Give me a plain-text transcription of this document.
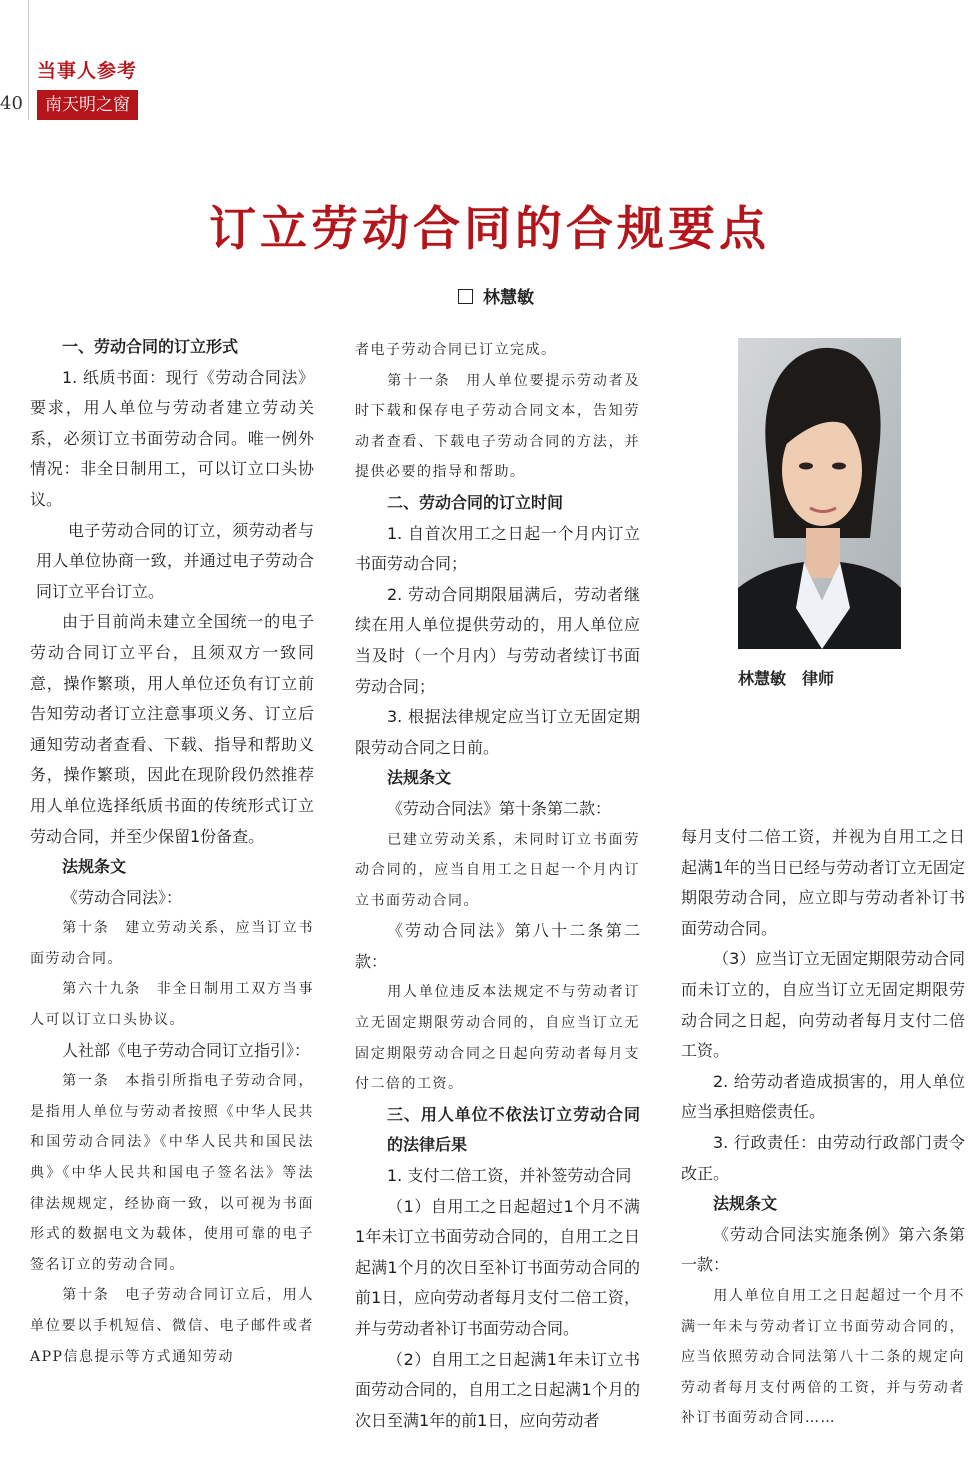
当事人参考
40	南天明之窗
订立劳动合同的合规要点
林慧敏

一、劳动合同的订立形式

1. 纸质书面：现行《劳动合同法》要求，用人单位与劳动者建立劳动关系，必须订立书面劳动合同。唯一例外情况：非全日制用工，可以订立口头协议。

电子劳动合同的订立，须劳动者与用人单位协商一致，并通过电子劳动合同订立平台订立。

由于目前尚未建立全国统一的电子劳动合同订立平台，且须双方一致同意，操作繁琐，用人单位还负有订立前告知劳动者订立注意事项义务、订立后通知劳动者查看、下载、指导和帮助义务，操作繁琐，因此在现阶段仍然推荐用人单位选择纸质书面的传统形式订立劳动合同，并至少保留1份备查。

法规条文

《劳动合同法》：

第十条　建立劳动关系，应当订立书面劳动合同。

第六十九条　非全日制用工双方当事人可以订立口头协议。

人社部《电子劳动合同订立指引》：

第一条　本指引所指电子劳动合同，是指用人单位与劳动者按照《中华人民共和国劳动合同法》《中华人民共和国民法典》《中华人民共和国电子签名法》等法律法规规定，经协商一致，以可视为书面形式的数据电文为载体，使用可靠的电子签名订立的劳动合同。

第十条　电子劳动合同订立后，用人单位要以手机短信、微信、电子邮件或者APP信息提示等方式通知劳动

者电子劳动合同已订立完成。

第十一条　用人单位要提示劳动者及时下载和保存电子劳动合同文本，告知劳动者查看、下载电子劳动合同的方法，并提供必要的指导和帮助。

二、劳动合同的订立时间

1. 自首次用工之日起一个月内订立书面劳动合同；

2. 劳动合同期限届满后，劳动者继续在用人单位提供劳动的，用人单位应当及时（一个月内）与劳动者续订书面劳动合同；

3. 根据法律规定应当订立无固定期限劳动合同之日前。

法规条文

《劳动合同法》第十条第二款：

已建立劳动关系，未同时订立书面劳动合同的，应当自用工之日起一个月内订立书面劳动合同。

《劳动合同法》第八十二条第二款：

用人单位违反本法规定不与劳动者订立无固定期限劳动合同的，自应当订立无固定期限劳动合同之日起向劳动者每月支付二倍的工资。

三、用人单位不依法订立劳动合同的法律后果

1. 支付二倍工资，并补签劳动合同

（1）自用工之日起超过1个月不满1年未订立书面劳动合同的，自用工之日起满1个月的次日至补订书面劳动合同的前1日，应向劳动者每月支付二倍工资，并与劳动者补订书面劳动合同。

（2）自用工之日起满1年未订立书面劳动合同的，自用工之日起满1个月的次日至满1年的前1日，应向劳动者

林慧敏　律师

每月支付二倍工资，并视为自用工之日起满1年的当日已经与劳动者订立无固定期限劳动合同，应立即与劳动者补订书面劳动合同。

（3）应当订立无固定期限劳动合同而未订立的，自应当订立无固定期限劳动合同之日起，向劳动者每月支付二倍工资。

2. 给劳动者造成损害的，用人单位应当承担赔偿责任。

3. 行政责任：由劳动行政部门责令改正。

法规条文

《劳动合同法实施条例》第六条第一款：

用人单位自用工之日起超过一个月不满一年未与劳动者订立书面劳动合同的，应当依照劳动合同法第八十二条的规定向劳动者每月支付两倍的工资，并与劳动者补订书面劳动合同……
